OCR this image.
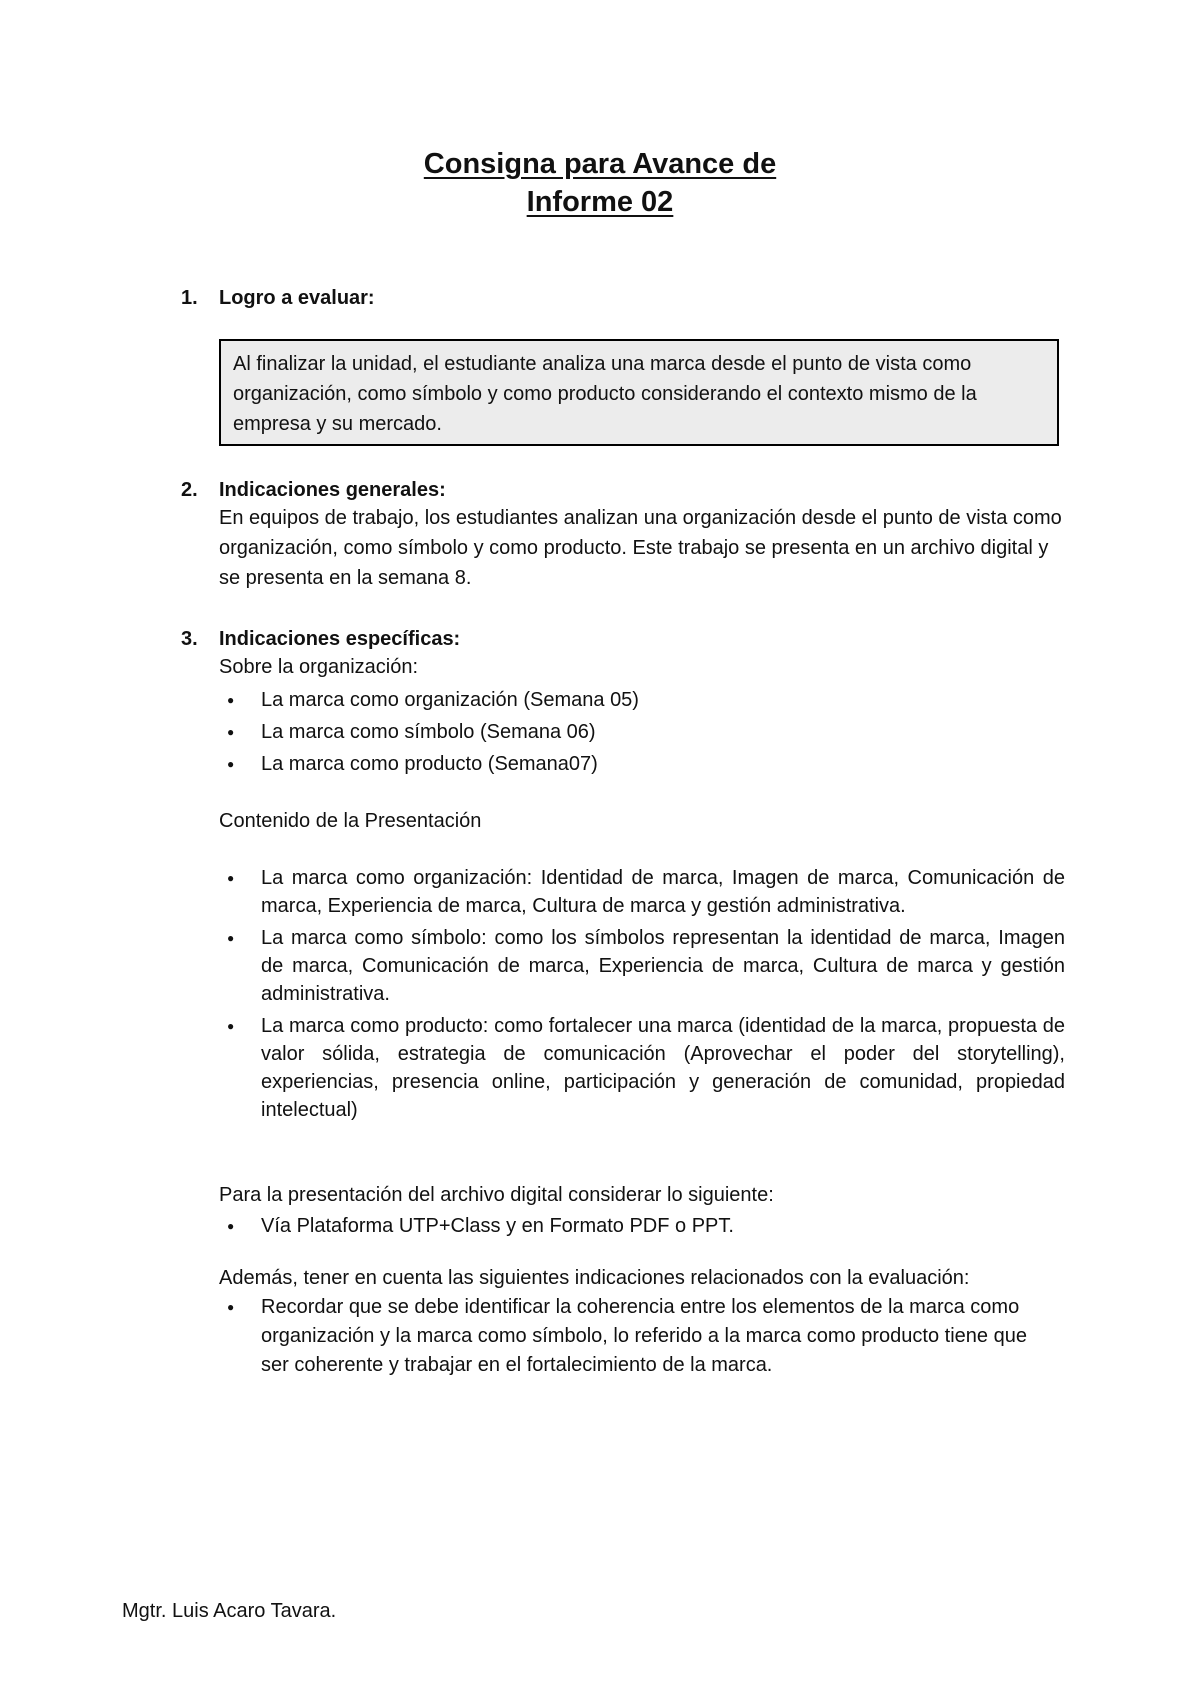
Consigna para Avance de
Informe 02
1. Logro a evaluar:
Al finalizar la unidad, el estudiante analiza una marca desde el punto de vista como organización, como símbolo y como producto considerando el contexto mismo de la empresa y su mercado.
2. Indicaciones generales:
En equipos de trabajo, los estudiantes analizan una organización desde el punto de vista como organización, como símbolo y como producto. Este trabajo se presenta en un archivo digital y se presenta en la semana 8.
3. Indicaciones específicas:
Sobre la organización:
● La marca como organización (Semana 05)
● La marca como símbolo (Semana 06)
● La marca como producto (Semana07)
Contenido de la Presentación
● La marca como organización: Identidad de marca, Imagen de marca, Comunicación de marca, Experiencia de marca, Cultura de marca y gestión administrativa.
● La marca como símbolo: como los símbolos representan la identidad de marca, Imagen de marca, Comunicación de marca, Experiencia de marca, Cultura de marca y gestión administrativa.
● La marca como producto: como fortalecer una marca (identidad de la marca, propuesta de valor sólida, estrategia de comunicación (Aprovechar el poder del storytelling), experiencias, presencia online, participación y generación de comunidad, propiedad intelectual)
Para la presentación del archivo digital considerar lo siguiente:
● Vía Plataforma UTP+Class y en Formato PDF o PPT.
Además, tener en cuenta las siguientes indicaciones relacionados con la evaluación:
● Recordar que se debe identificar la coherencia entre los elementos de la marca como organización y la marca como símbolo, lo referido a la marca como producto tiene que ser coherente y trabajar en el fortalecimiento de la marca.
Mgtr. Luis Acaro Tavara.
